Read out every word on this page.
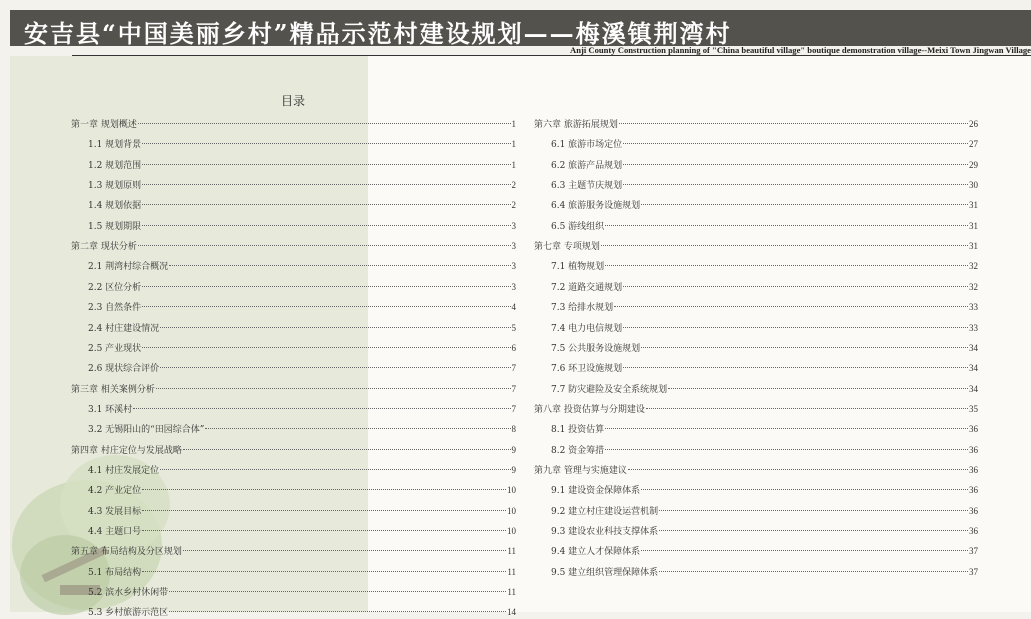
安吉县“中国美丽乡村”精品示范村建设规划——梅溪镇荆湾村
Anji County Construction planning of "China beautiful village" boutique demonstration village--Meixi Town Jingwan Village
目录
第一章 规划概述	1
1.1 规划背景	1
1.2 规划范围	1
1.3 规划原则	2
1.4 规划依据	2
1.5 规划期限	3
第二章 现状分析	3
2.1 荆湾村综合概况	3
2.2 区位分析	3
2.3 自然条件	4
2.4 村庄建设情况	5
2.5 产业现状	6
2.6 现状综合评价	7
第三章 相关案例分析	7
3.1 环溪村	7
3.2 无锡阳山的“田园综合体”	8
第四章 村庄定位与发展战略	9
4.1 村庄发展定位	9
4.2 产业定位	10
4.3 发展目标	10
4.4 主题口号	10
第五章 布局结构及分区规划	11
5.1 布局结构	11
5.2 滨水乡村休闲带	11
5.3 乡村旅游示范区	14
第六章 旅游拓展规划	26
6.1 旅游市场定位	27
6.2 旅游产品规划	29
6.3 主题节庆规划	30
6.4 旅游服务设施规划	31
6.5 游线组织	31
第七章 专项规划	31
7.1 植物规划	32
7.2 道路交通规划	32
7.3 给排水规划	33
7.4 电力电信规划	33
7.5 公共服务设施规划	34
7.6 环卫设施规划	34
7.7 防灾避险及安全系统规划	34
第八章 投资估算与分期建设	35
8.1 投资估算	36
8.2 资金筹措	36
第九章 管理与实施建议	36
9.1 建设资金保障体系	36
9.2 建立村庄建设运营机制	36
9.3 建设农业科技支撑体系	36
9.4 建立人才保障体系	37
9.5 建立组织管理保障体系	37
